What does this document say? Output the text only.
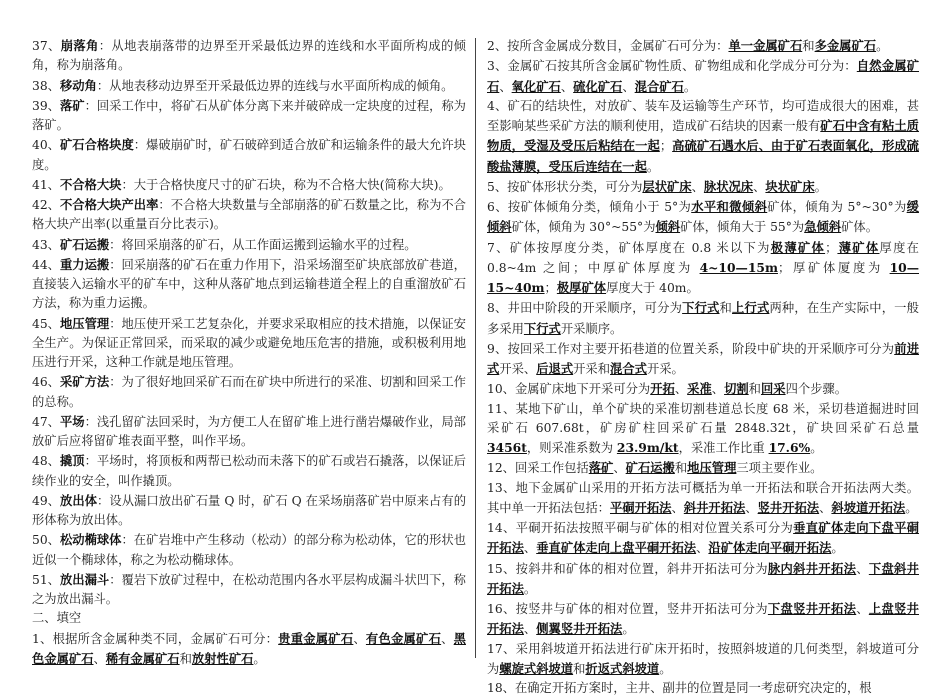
37、崩落角：从地表崩落带的边界至开采最低边界的连线和水平面所构成的倾角，称为崩落角。
38、移动角：从地表移动边界至开采最低边界的连线与水平面所构成的倾角。
39、落矿：回采工作中，将矿石从矿体分离下来并破碎成一定块度的过程，称为落矿。
40、矿石合格块度：爆破崩矿时，矿石破碎到适合放矿和运输条件的最大允许块度。
41、不合格大块：大于合格快度尺寸的矿石块，称为不合格大快(简称大块)。
42、不合格大块产出率：不合格大块数量与全部崩落的矿石数量之比，称为不合格大块产出率(以重量百分比表示)。
43、矿石运搬：将回采崩落的矿石，从工作面运搬到运输水平的过程。
44、重力运搬：回采崩落的矿石在重力作用下，沿采场溜至矿块底部放矿巷道，直接装入运输水平的矿车中，这种从落矿地点到运输巷道全程上的自重溜放矿石方法，称为重力运搬。
45、地压管理：地压使开采工艺复杂化，并要求采取相应的技术措施，以保证安全生产。为保证正常回采，而采取的减少或避免地压危害的措施，或积极利用地压进行开采，这种工作就是地压管理。
46、采矿方法：为了很好地回采矿石而在矿块中所进行的采准、切割和回采工作的总称。
47、平场：浅孔留矿法回采时，为方便工人在留矿堆上进行凿岩爆破作业，局部放矿后应将留矿堆表面平整，叫作平场。
48、撬顶：平场时，将顶板和两帮已松动而未落下的矿石或岩石撬落，以保证后续作业的安全，叫作撬顶。
49、放出体：设从漏口放出矿石量 Q 时，矿石 Q 在采场崩落矿岩中原来占有的形体称为放出体。
50、松动椭球体：在矿岩堆中产生移动（松动）的部分称为松动体，它的形状也近似一个椭球体，称之为松动椭球体。
51、放出漏斗：覆岩下放矿过程中，在松动范围内各水平层构成漏斗状凹下，称之为放出漏斗。
二、填空
1、根据所含金属种类不同，金属矿石可分：贵重金属矿石、有色金属矿石、黑色金属矿石、稀有金属矿石和放射性矿石。
2、按所含金属成分数目，金属矿石可分为：单一金属矿石和多金属矿石。
3、金属矿石按其所含金属矿物性质、矿物组成和化学成分可分为：自然金属矿石、氧化矿石、硫化矿石、混合矿石。
4、矿石的结块性，对放矿、装车及运输等生产环节，均可造成很大的困难，甚至影响某些采矿方法的顺利使用，造成矿石结块的因素一般有矿石中含有粘土质物质，受湿及受压后粘结在一起；高硫矿石遇水后、由于矿石表面氧化，形成硫酸盐薄膜，受压后连结在一起。
5、按矿体形状分类，可分为层状矿床、脉状况床、块状矿床。
6、按矿体倾角分类，倾角小于 5°为水平和微倾斜矿体，倾角为 5°~30°为缓倾斜矿体，倾角为 30°~55°为倾斜矿体，倾角大于 55°为急倾斜矿体。
7、矿体按厚度分类，矿体厚度在 0.8 米以下为极薄矿体；薄矿体厚度在 0.8~4m 之间；中厚矿体厚度为 4~10—15m；厚矿体厦度为 10—15~40m；极厚矿体厚度大于 40m。
8、井田中阶段的开采顺序，可分为下行式和上行式两种，在生产实际中，一般多采用下行式开采顺序。
9、按回采工作对主要开拓巷道的位置关系，阶段中矿块的开采顺序可分为前进式开采、后退式开采和混合式开采。
10、金属矿床地下开采可分为开拓、采准、切割和回采四个步骤。
11、某地下矿山，单个矿块的采准切割巷道总长度 68 米，采切巷道掘进时回采矿石 607.68t，矿房矿柱回采矿石量 2848.32t，矿块回采矿石总量 3456t，则采准系数为 23.9m/kt，采准工作比重 17.6%。
12、回采工作包括落矿、矿石运搬和地压管理三项主要作业。
13、地下金属矿山采用的开拓方法可概括为单一开拓法和联合开拓法两大类。其中单一开拓法包括：平硐开拓法、斜井开拓法、竖井开拓法、斜坡道开拓法。
14、平硐开拓法按照平硐与矿体的相对位置关系可分为垂直矿体走向下盘平硐开拓法、垂直矿体走向上盘平硐开拓法、沿矿体走向平硐开拓法。
15、按斜井和矿体的相对位置，斜井开拓法可分为脉内斜井开拓法、下盘斜井开拓法。
16、按竖井与矿体的相对位置，竖井开拓法可分为下盘竖井开拓法、上盘竖井开拓法、侧翼竖井开拓法。
17、采用斜坡道开拓法进行矿床开拓时，按照斜坡道的几何类型，斜坡道可分为螺旋式斜坡道和折返式斜坡道。
18、在确定开拓方案时，主井、副井的位置是同一考虑研究决定的，根
